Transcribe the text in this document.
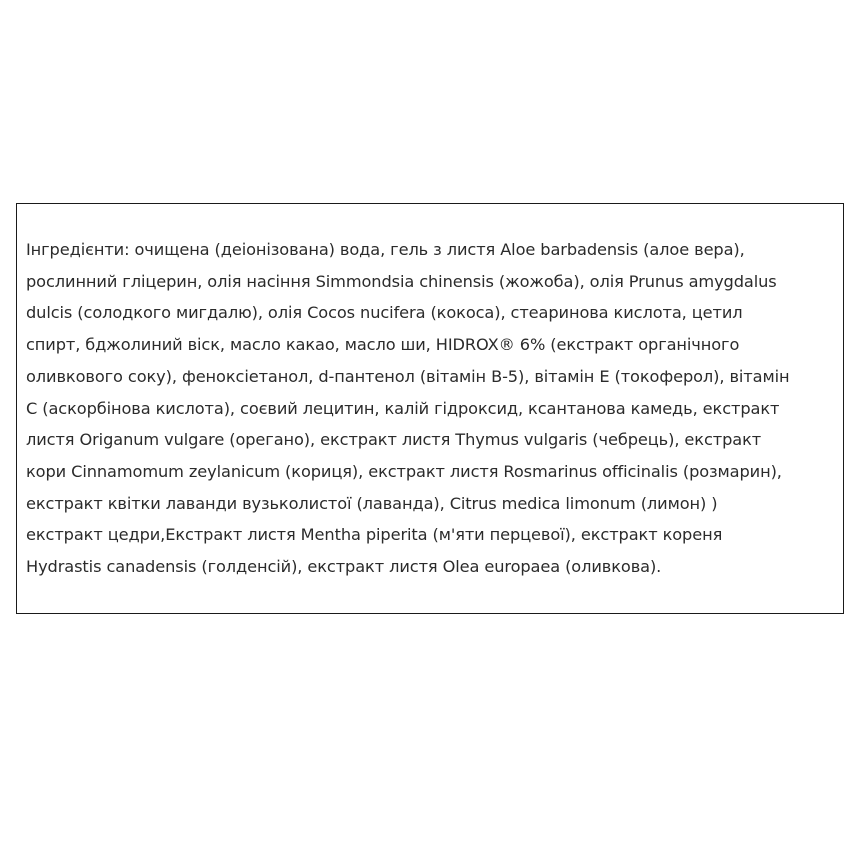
Інгредієнти: очищена (деіонізована) вода, гель з листя Aloe barbadensis (алое вера),
рослинний гліцерин, олія насіння Simmondsia chinensis (жожоба), олія Prunus amygdalus
dulcis (солодкого мигдалю), олія Cocos nucifera (кокоса), стеаринова кислота, цетил
спирт, бджолиний віск, масло какао, масло ши, HIDROX® 6% (екстракт органічного
оливкового соку), феноксіетанол, d-пантенол (вітамін B-5), вітамін E (токоферол), вітамін
C (аскорбінова кислота), соєвий лецитин, калій гідроксид, ксантанова камедь, екстракт
листя Origanum vulgare (орегано), екстракт листя Thymus vulgaris (чебрець), екстракт
кори Cinnamomum zeylanicum (кориця), екстракт листя Rosmarinus officinalis (розмарин),
екстракт квітки лаванди вузьколистої (лаванда), Citrus medica limonum (лимон) )
екстракт цедри,Екстракт листя Mentha piperita (м'яти перцевої), екстракт кореня
Hydrastis canadensis (голденсій), екстракт листя Olea europaea (оливкова).
